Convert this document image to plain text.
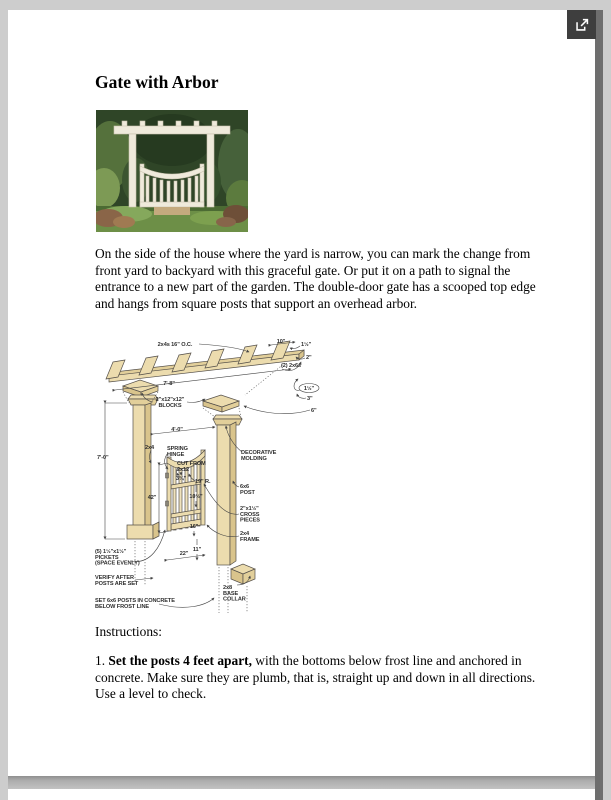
Gate with Arbor
On the side of the house where the yard is narrow, you can mark the change from front yard to backyard with this graceful gate. Or put it on a path to signal the entrance to a new part of the garden. The double-door gate has a scooped top edge and hangs from square posts that support an overhead arbor.
2x4s 16" O.C.	10"	1½"
2"
(2) 2x6s
7'-8"
1½"
3"
6"
2"x12"x12" BLOCKS
4'-0"
2x4 SPRING HINGE
CUT FROM 2x12
3¾" 19" R.
DECORATIVE MOLDING
7'-0"
42"	10½"
6x6 POST
2"x1½" CROSS PIECES
2x4 FRAME
16"
11"
22"
(5) 1½"x1½" PICKETS (SPACE EVENLY)
VERIFY AFTER POSTS ARE SET
SET 6x6 POSTS IN CONCRETE BELOW FROST LINE
2x8 BASE COLLAR
Instructions:
1. Set the posts 4 feet apart, with the bottoms below frost line and anchored in concrete. Make sure they are plumb, that is, straight up and down in all directions. Use a level to check.
